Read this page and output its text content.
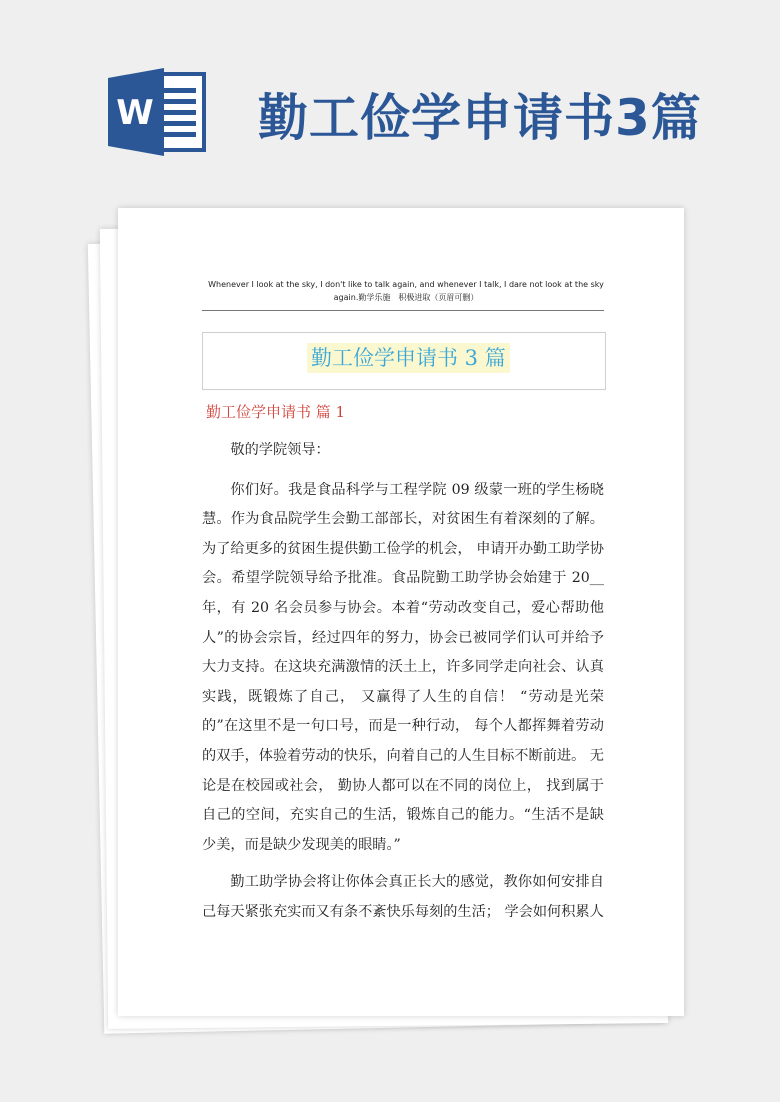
W 勤工俭学申请书3篇
Whenever I look at the sky, I don't like to talk again, and whenever I talk, I dare not look at the sky again.勤学乐施　积极进取（页眉可删）
勤工俭学申请书 3 篇
勤工俭学申请书 篇 1

敬的学院领导：

你们好。我是食品科学与工程学院 09 级蒙一班的学生杨晓慧。作为食品院学生会勤工部部长，对贫困生有着深刻的了解。为了给更多的贫困生提供勤工俭学的机会， 申请开办勤工助学协会。希望学院领导给予批准。食品院勤工助学协会始建于 20__ 年，有 20 名会员参与协会。本着“劳动改变自己，爱心帮助他人”的协会宗旨，经过四年的努力，协会已被同学们认可并给予大力支持。在这块充满激情的沃土上，许多同学走向社会、认真实践，既锻炼了自己， 又赢得了人生的自信！ “劳动是光荣的”在这里不是一句口号，而是一种行动， 每个人都挥舞着劳动的双手，体验着劳动的快乐，向着自己的人生目标不断前进。 无论是在校园或社会， 勤协人都可以在不同的岗位上， 找到属于自己的空间，充实自己的生活，锻炼自己的能力。“生活不是缺少美，而是缺少发现美的眼睛。”

勤工助学协会将让你体会真正长大的感觉，教你如何安排自己每天紧张充实而又有条不紊快乐每刻的生活； 学会如何积累人
